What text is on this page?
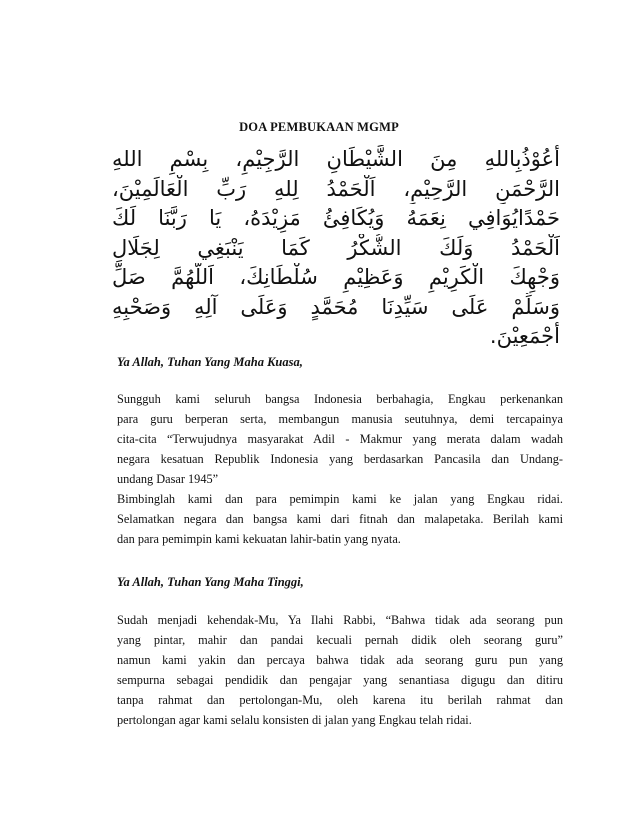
DOA PEMBUKAAN MGMP
أَعُوْذُبِاللهِ مِنَ الشَّيْطَانِ الرَّجِيْمِ، بِسْمِ اللهِ
الرَّحْمَنِ الرَّحِيْمِ، اَلْحَمْدُ لِلهِ رَبِّ الْعَالَمِيْنَ،
حَمْدًايُوَافِي نِعَمَهُ وَيُكَافِئُ مَزِيْدَهُ، يَا رَبَّنَا لَكَ
اَلْحَمْدُ وَلَكَ الشُّكْرُ كَمَا يَنْبَغِي لِجَلَالِ
وَجْهِكَ الْكَرِيْمِ وَعَظِيْمِ سُلْطَانِكَ، اَللَّهُمَّ صَلِّ
وَسَلِّمْ عَلَى سَيِّدِنَا مُحَمَّدٍ وَعَلَى آلِهِ وَصَحْبِهِ
أَجْمَعِيْنَ.
Ya Allah, Tuhan Yang Maha Kuasa,
Sungguh kami seluruh bangsa Indonesia berbahagia, Engkau perkenankan
para guru berperan serta, membangun manusia seutuhnya, demi tercapainya
cita-cita “Terwujudnya masyarakat Adil - Makmur yang merata dalam wadah
negara kesatuan Republik Indonesia yang berdasarkan Pancasila dan Undang-
undang Dasar 1945”
Bimbinglah kami dan para pemimpin kami ke jalan yang Engkau ridai.
Selamatkan negara dan bangsa kami dari fitnah dan malapetaka. Berilah kami
dan para pemimpin kami kekuatan lahir-batin yang nyata.
Ya Allah, Tuhan Yang Maha Tinggi,
Sudah menjadi kehendak-Mu, Ya Ilahi Rabbi, “Bahwa tidak ada seorang pun
yang pintar, mahir dan pandai kecuali pernah didik oleh seorang guru”
namun kami yakin dan percaya bahwa tidak ada seorang guru pun yang
sempurna sebagai pendidik dan pengajar yang senantiasa digugu dan ditiru
tanpa rahmat dan pertolongan-Mu, oleh karena itu berilah rahmat dan
pertolongan agar kami selalu konsisten di jalan yang Engkau telah ridai.
